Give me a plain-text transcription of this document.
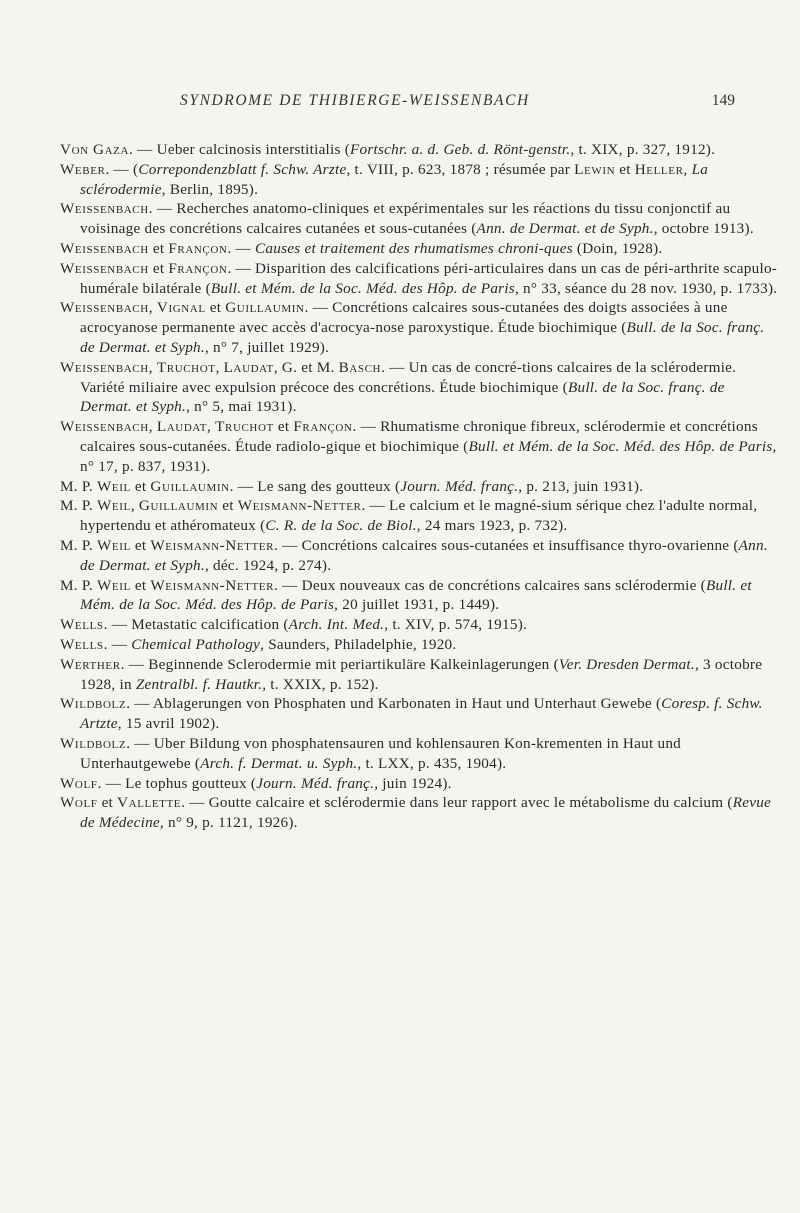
SYNDROME DE THIBIERGE-WEISSENBACH	149

Von Gaza. — Ueber calcinosis interstitialis (Fortschr. a. d. Geb. d. Rönt-genstr., t. XIX, p. 327, 1912).

Weber. — (Correpondenzblatt f. Schw. Arzte, t. VIII, p. 623, 1878 ; résumée par Lewin et Heller, La sclérodermie, Berlin, 1895).

Weissenbach. — Recherches anatomo-cliniques et expérimentales sur les réactions du tissu conjonctif au voisinage des concrétions calcaires cutanées et sous-cutanées (Ann. de Dermat. et de Syph., octobre 1913).

Weissenbach et Françon. — Causes et traitement des rhumatismes chroni-ques (Doin, 1928).

Weissenbach et Françon. — Disparition des calcifications péri-articulaires dans un cas de péri-arthrite scapulo-humérale bilatérale (Bull. et Mém. de la Soc. Méd. des Hôp. de Paris, n° 33, séance du 28 nov. 1930, p. 1733).

Weissenbach, Vignal et Guillaumin. — Concrétions calcaires sous-cutanées des doigts associées à une acrocyanose permanente avec accès d'acrocya-nose paroxystique. Étude biochimique (Bull. de la Soc. franç. de Dermat. et Syph., n° 7, juillet 1929).

Weissenbach, Truchot, Laudat, G. et M. Basch. — Un cas de concré-tions calcaires de la sclérodermie. Variété miliaire avec expulsion précoce des concrétions. Étude biochimique (Bull. de la Soc. franç. de Dermat. et Syph., n° 5, mai 1931).

Weissenbach, Laudat, Truchot et Françon. — Rhumatisme chronique fibreux, sclérodermie et concrétions calcaires sous-cutanées. Étude radiolo-gique et biochimique (Bull. et Mém. de la Soc. Méd. des Hôp. de Paris, n° 17, p. 837, 1931).

M. P. Weil et Guillaumin. — Le sang des goutteux (Journ. Méd. franç., p. 213, juin 1931).

M. P. Weil, Guillaumin et Weismann-Netter. — Le calcium et le magné-sium sérique chez l'adulte normal, hypertendu et athéromateux (C. R. de la Soc. de Biol., 24 mars 1923, p. 732).

M. P. Weil et Weismann-Netter. — Concrétions calcaires sous-cutanées et insuffisance thyro-ovarienne (Ann. de Dermat. et Syph., déc. 1924, p. 274).

M. P. Weil et Weismann-Netter. — Deux nouveaux cas de concrétions calcaires sans sclérodermie (Bull. et Mém. de la Soc. Méd. des Hôp. de Paris, 20 juillet 1931, p. 1449).

Wells. — Metastatic calcification (Arch. Int. Med., t. XIV, p. 574, 1915).

Wells. — Chemical Pathology, Saunders, Philadelphie, 1920.

Werther. — Beginnende Sclerodermie mit periartikuläre Kalkeinlagerungen (Ver. Dresden Dermat., 3 octobre 1928, in Zentralbl. f. Hautkr., t. XXIX, p. 152).

Wildbolz. — Ablagerungen von Phosphaten und Karbonaten in Haut und Unterhaut Gewebe (Coresp. f. Schw. Artzte, 15 avril 1902).

Wildbolz. — Uber Bildung von phosphatensauren und kohlensauren Kon-krementen in Haut und Unterhautgewebe (Arch. f. Dermat. u. Syph., t. LXX, p. 435, 1904).

Wolf. — Le tophus goutteux (Journ. Méd. franç., juin 1924).

Wolf et Vallette. — Goutte calcaire et sclérodermie dans leur rapport avec le métabolisme du calcium (Revue de Médecine, n° 9, p. 1121, 1926).
